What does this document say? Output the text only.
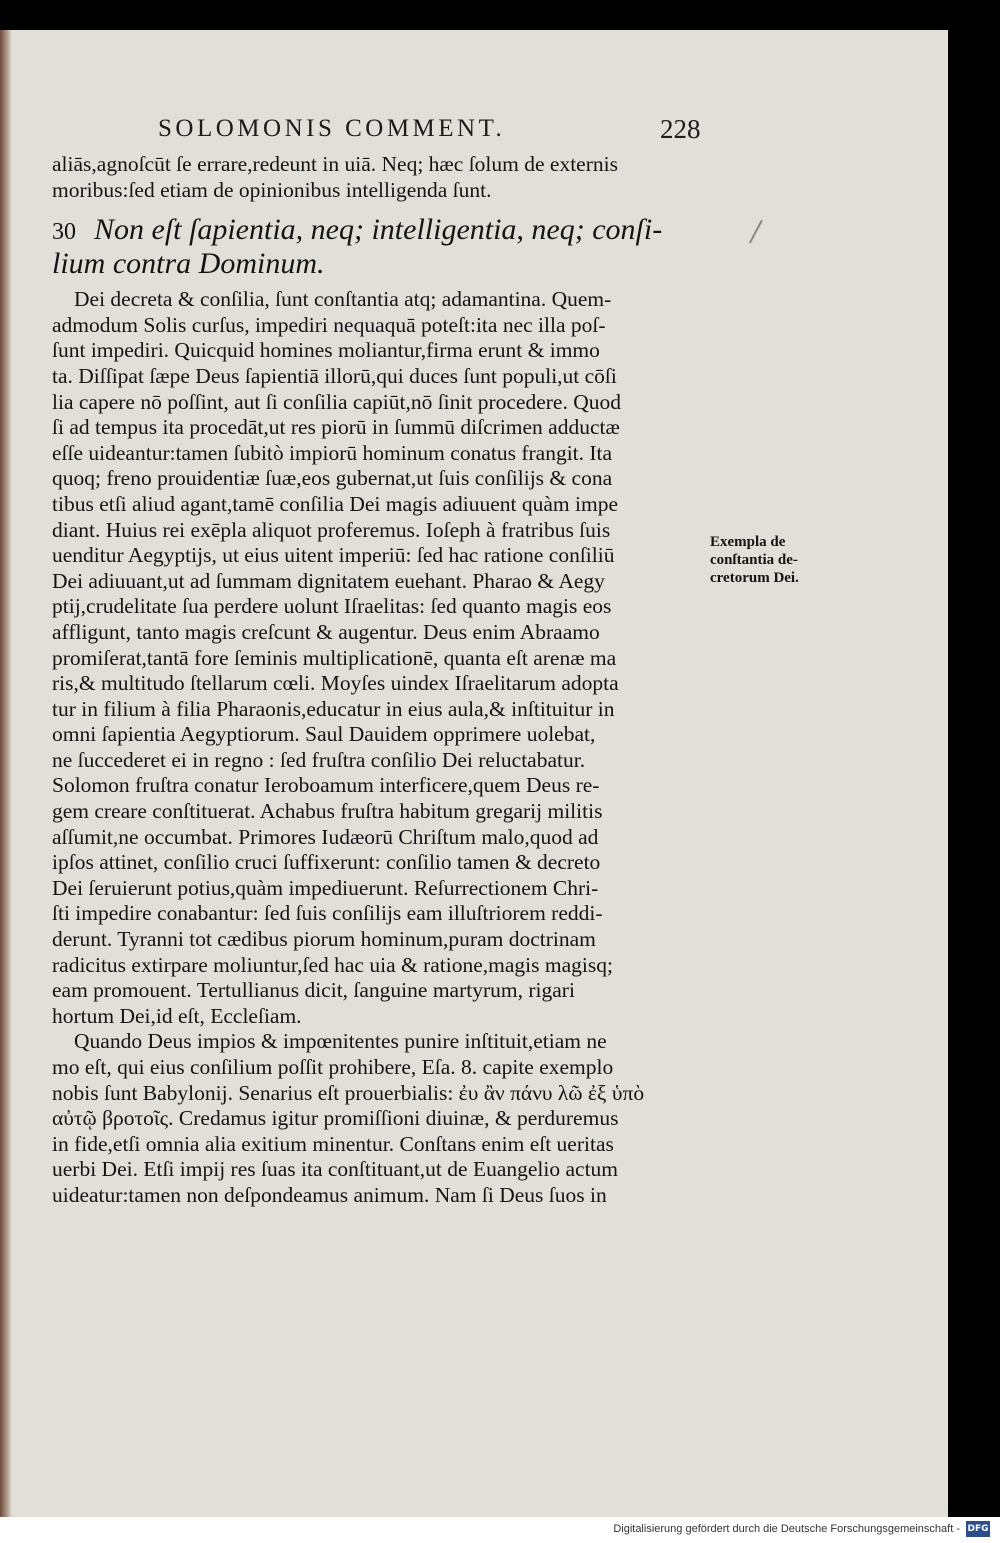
SOLOMONIS COMMENT.	228
aliās,agnoſcūt ſe errare,redeunt in uiā. Neq; hæc ſolum de externis
moribus:ſed etiam de opinionibus intelligenda ſunt.
30 Non eſt ſapientia, neq; intelligentia, neq; conſi-
lium contra Dominum.
Dei decreta & conſilia, ſunt conſtantia atq; adamantina. Quem-
admodum Solis curſus, impediri nequaquā poteſt:ita nec illa poſ-
ſunt impediri. Quicquid homines moliantur,firma erunt & immo
ta. Diſſipat ſæpe Deus ſapientiā illorū,qui duces ſunt populi,ut cōſi
lia capere nō poſſint, aut ſi conſilia capiūt,nō ſinit procedere. Quod
ſi ad tempus ita procedāt,ut res piorū in ſummū diſcrimen adductæ
eſſe uideantur:tamen ſubitò impiorū hominum conatus frangit. Ita
quoq; freno prouidentiæ ſuæ,eos gubernat,ut ſuis conſilijs & cona
tibus etſi aliud agant,tamē conſilia Dei magis adiuuent quàm impe
diant. Huius rei exēpla aliquot proferemus. Ioſeph à fratribus ſuis
uenditur Aegyptijs, ut eius uitent imperiū: ſed hac ratione conſiliū
Dei adiuuant,ut ad ſummam dignitatem euehant. Pharao & Aegy
ptij,crudelitate ſua perdere uolunt Iſraelitas: ſed quanto magis eos
affligunt, tanto magis creſcunt & augentur. Deus enim Abraamo
promiſerat,tantā fore ſeminis multiplicationē, quanta eſt arenæ ma
ris,& multitudo ſtellarum cœli. Moyſes uindex Iſraelitarum adopta
tur in filium à filia Pharaonis,educatur in eius aula,& inſtituitur in
omni ſapientia Aegyptiorum. Saul Dauidem opprimere uolebat,
ne ſuccederet ei in regno : ſed fruſtra conſilio Dei reluctabatur.
Solomon fruſtra conatur Ieroboamum interficere,quem Deus re-
gem creare conſtituerat. Achabus fruſtra habitum gregarij militis
aſſumit,ne occumbat. Primores Iudæorū Chriſtum malo,quod ad
ipſos attinet, conſilio cruci ſuffixerunt: conſilio tamen & decreto
Dei ſeruierunt potius,quàm impediuerunt. Reſurrectionem Chri-
ſti impedire conabantur: ſed ſuis conſilijs eam illuſtriorem reddi-
derunt. Tyranni tot cædibus piorum hominum,puram doctrinam
radicitus extirpare moliuntur,ſed hac uia & ratione,magis magisq;
eam promouent. Tertullianus dicit, ſanguine martyrum, rigari
hortum Dei,id eſt, Eccleſiam.
Quando Deus impios & impœnitentes punire inſtituit,etiam ne
mo eſt, qui eius conſilium poſſit prohibere, Eſa. 8. capite exemplo
nobis ſunt Babylonij. Senarius eſt prouerbialis: ἐυ ἂν πάνυ λῶ ἐξ ὑπὸ
αὐτῷ βροτοῖς. Credamus igitur promiſſioni diuinæ, & perduremus
in fide,etſi omnia alia exitium minentur. Conſtans enim eſt ueritas
uerbi Dei. Etſi impij res ſuas ita conſtituant,ut de Euangelio actum
uideatur:tamen non deſpondeamus animum. Nam ſi Deus ſuos in
Exempla de
conſtantia de-
cretorum Dei.
Digitalisierung gefördert durch die Deutsche Forschungsgemeinschaft - DFG
